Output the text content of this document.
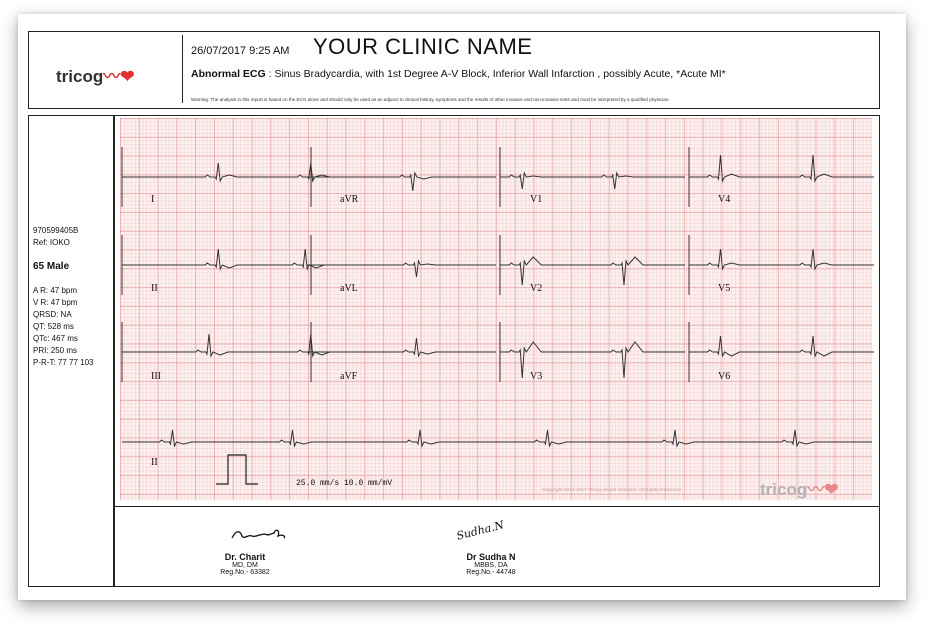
tricog〰❤
26/07/2017 9:25 AM YOUR CLINIC NAME
Abnormal ECG : Sinus Bradycardia, with 1st Degree A-V Block, Inferior Wall Infarction , possibly Acute, *Acute MI*
Warning: The analysis in this report is based on the ECG alone and should only be used as an adjunct to clinical history, symptoms and the results of other invasive and non-invasive tests and must be interpreted by a qualified physician.
970599405B
Ref: IOKO
65 Male
A R: 47 bpm
V R: 47 bpm
QRSD: NA
QT: 528 ms
QTc: 467 ms
PRI: 250 ms
P-R-T: 77 77 103
I	aVR	V1	V4
II	aVL	V2	V5
III	aVF	V3	V6
II
25.0 mm/s 10.0 mm/mV
Copyright 2014-2017 Tricog Health Services. All Rights Reserved.	tricog〰❤
Sudha.N
Dr. Charit
MD, DM
Reg.No.- 63382
Dr Sudha N
MBBS, DA
Reg.No.- 44748
